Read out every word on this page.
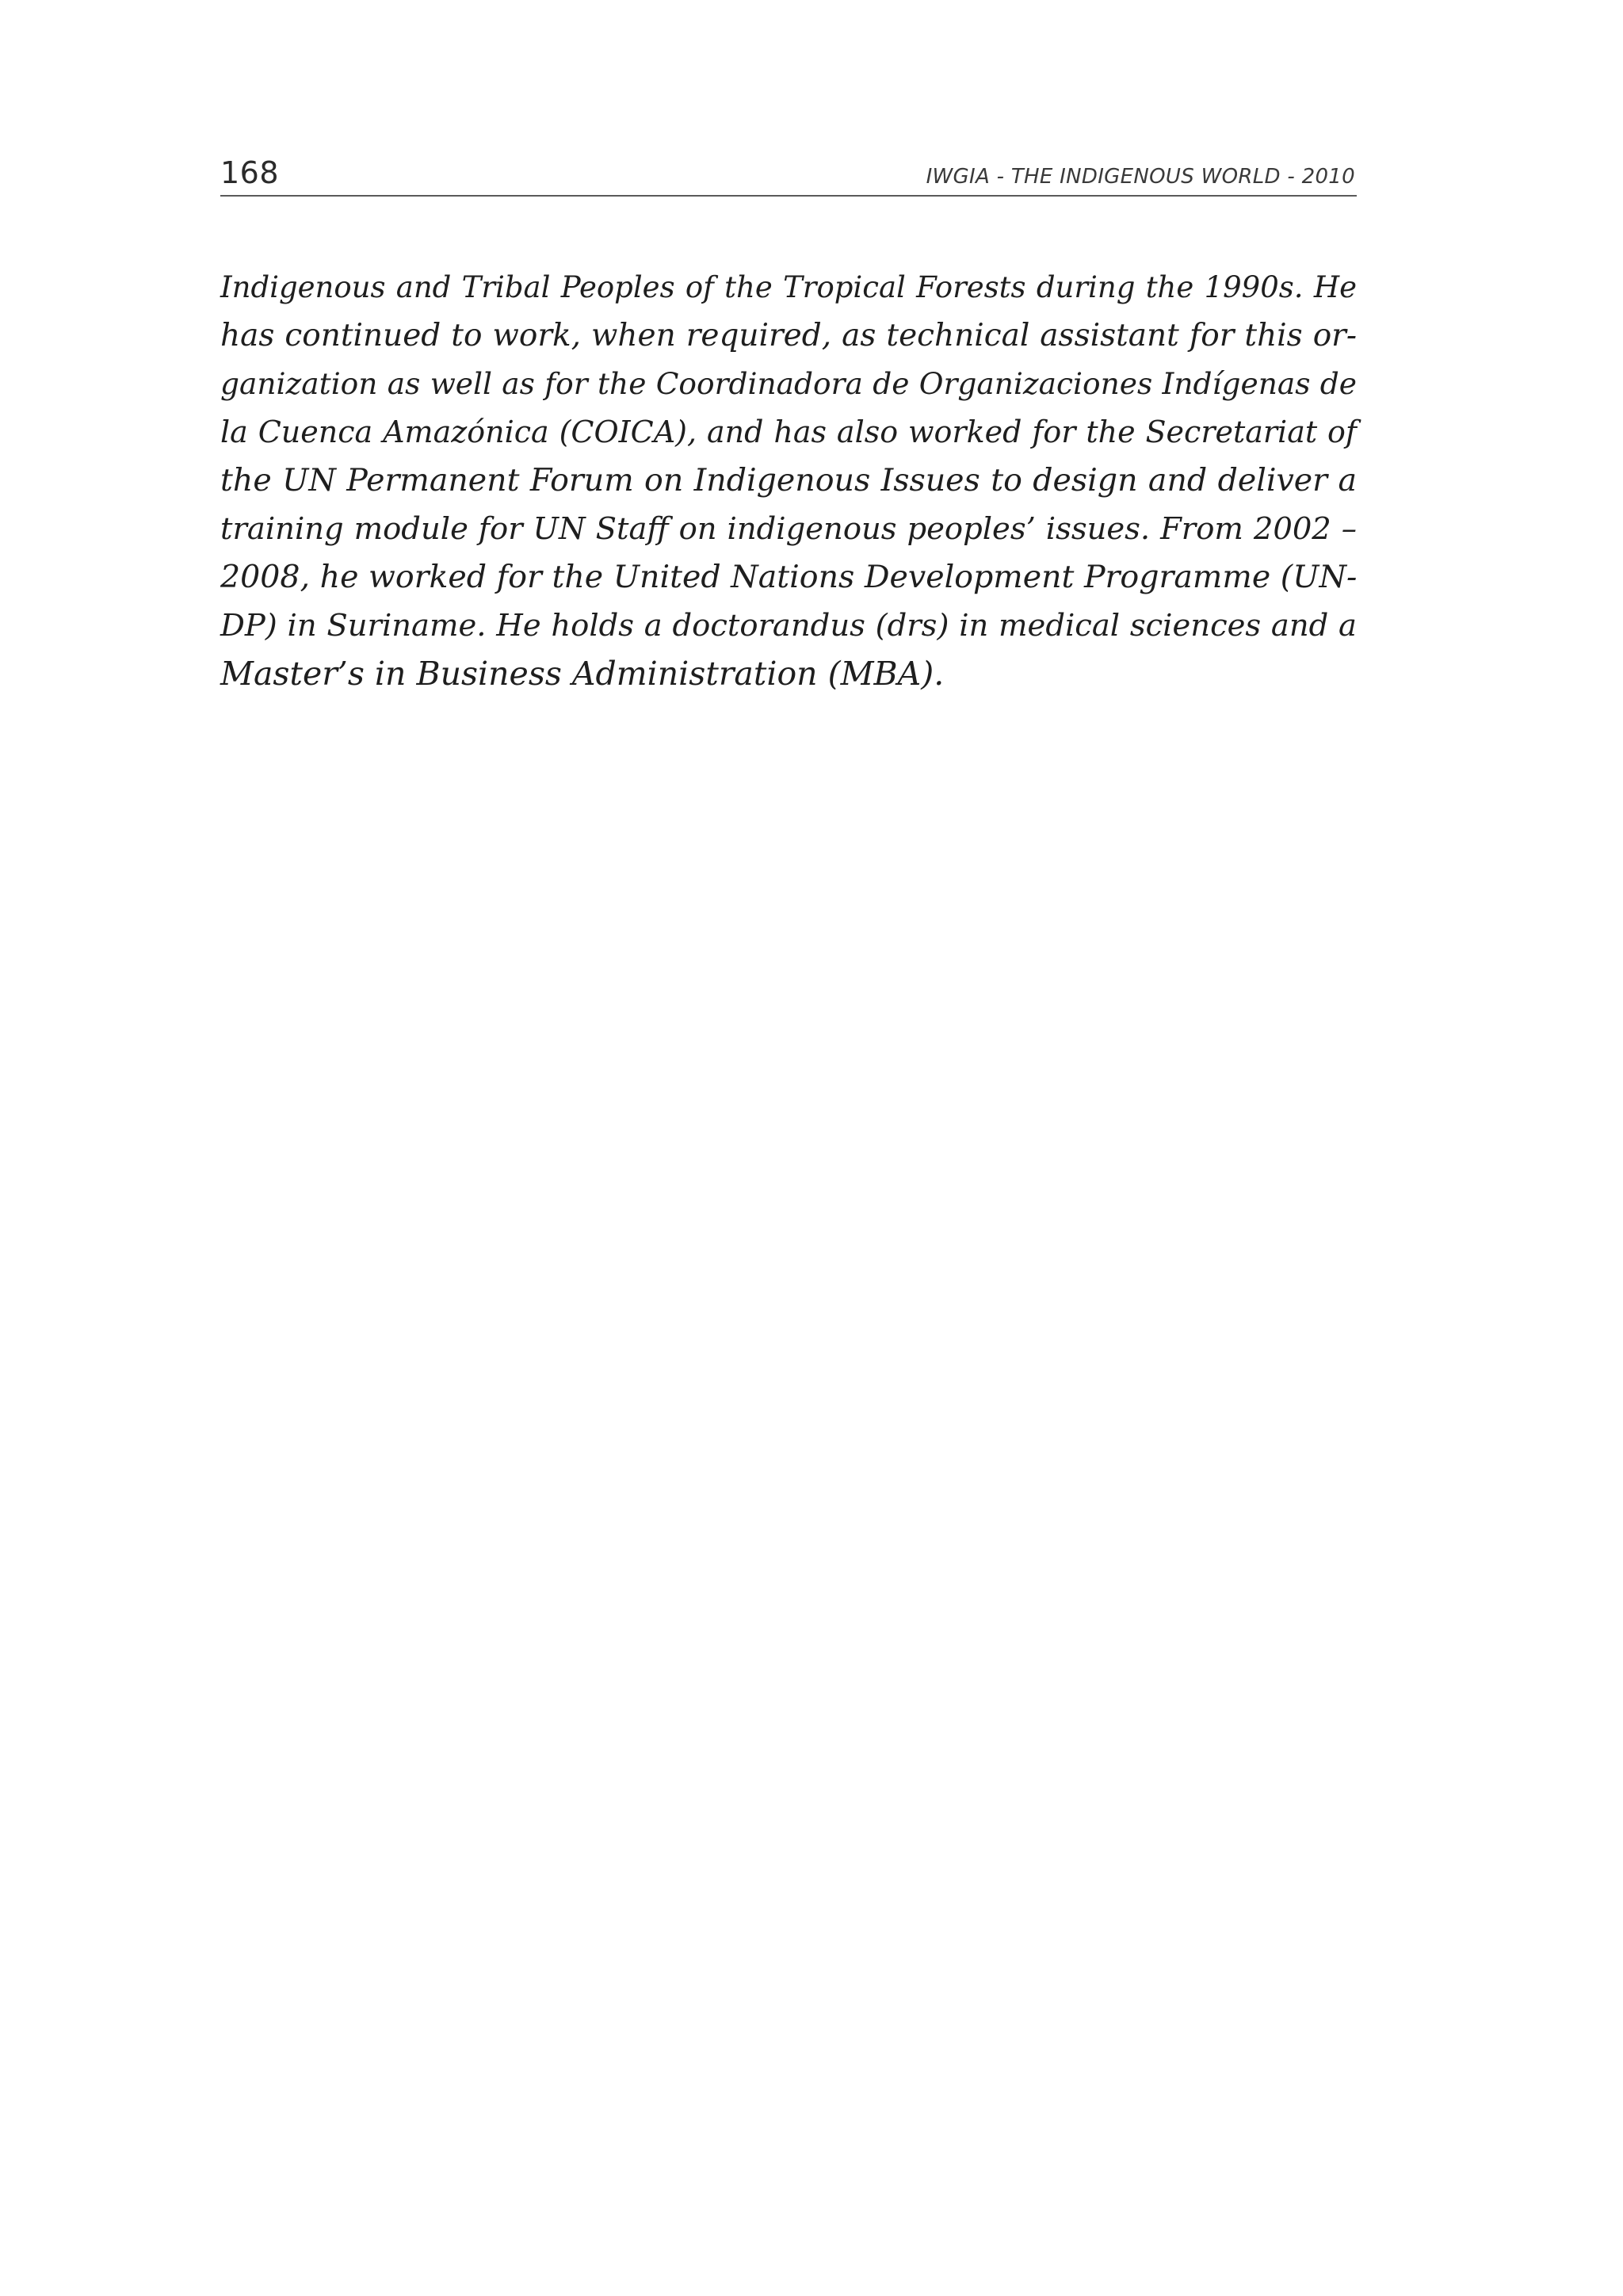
168	IWGIA - THE INDIGENOUS WORLD - 2010
Indigenous and Tribal Peoples of the Tropical Forests during the 1990s. He
has continued to work, when required, as technical assistant for this or-
ganization as well as for the Coordinadora de Organizaciones Indígenas de
la Cuenca Amazónica (COICA), and has also worked for the Secretariat of
the UN Permanent Forum on Indigenous Issues to design and deliver a
training module for UN Staff on indigenous peoples’ issues. From 2002 –
2008, he worked for the United Nations Development Programme (UN-
DP) in Suriname. He holds a doctorandus (drs) in medical sciences and a
Master’s in Business Administration (MBA).
